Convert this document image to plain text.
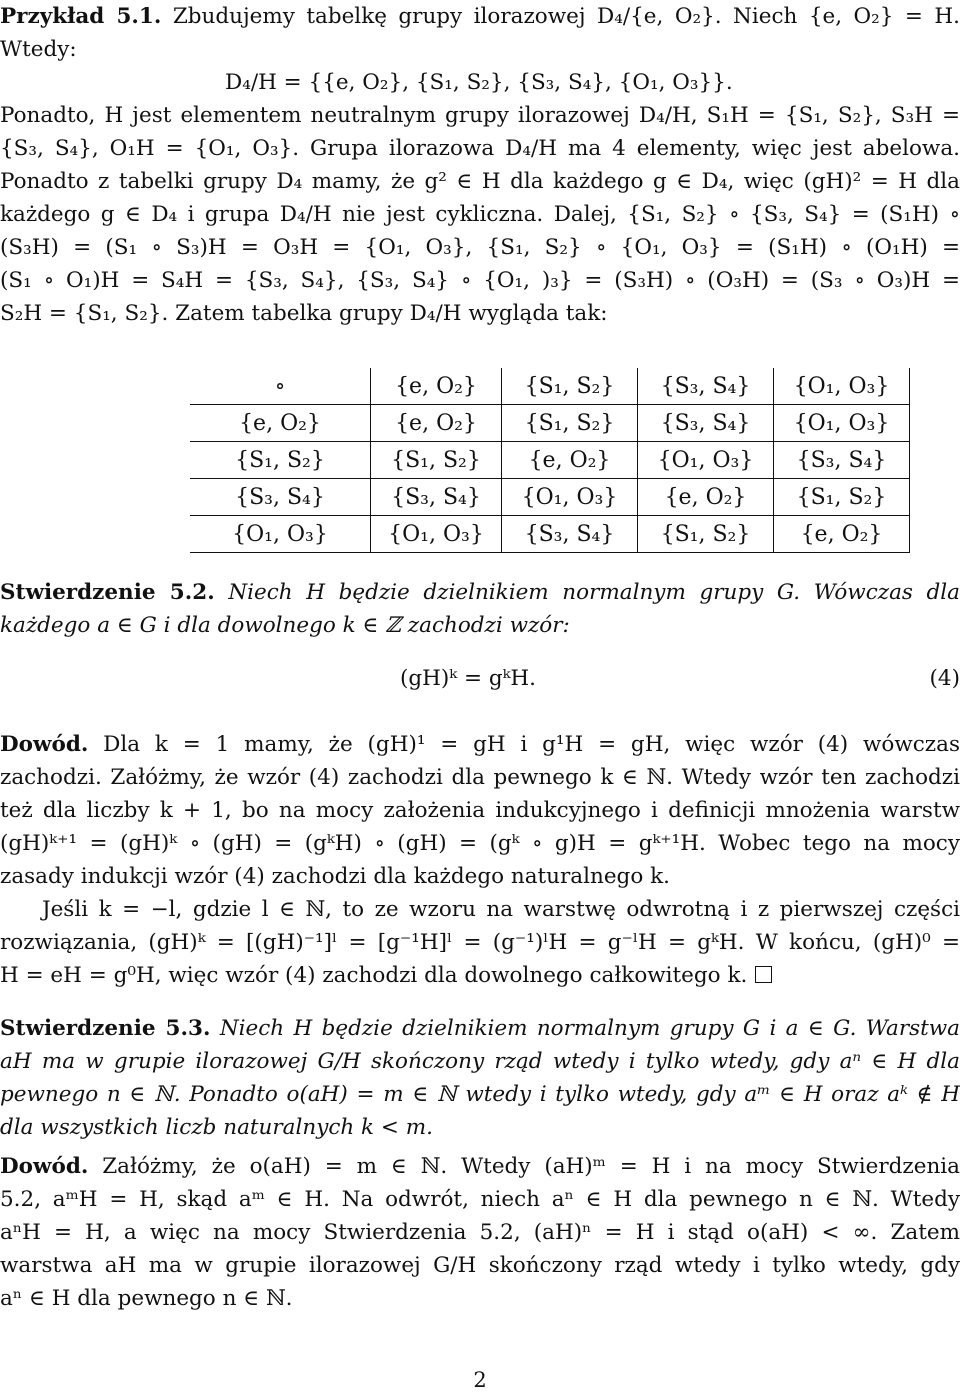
Przykład 5.1. Zbudujemy tabelkę grupy ilorazowej D₄/{e, O₂}. Niech {e, O₂} = H.
Wtedy:
D₄/H = {{e, O₂}, {S₁, S₂}, {S₃, S₄}, {O₁, O₃}}.
Ponadto, H jest elementem neutralnym grupy ilorazowej D₄/H, S₁H = {S₁, S₂}, S₃H =
{S₃, S₄}, O₁H = {O₁, O₃}. Grupa ilorazowa D₄/H ma 4 elementy, więc jest abelowa.
Ponadto z tabelki grupy D₄ mamy, że g² ∈ H dla każdego g ∈ D₄, więc (gH)² = H dla
każdego g ∈ D₄ i grupa D₄/H nie jest cykliczna. Dalej, {S₁, S₂} ∘ {S₃, S₄} = (S₁H) ∘
(S₃H) = (S₁ ∘ S₃)H = O₃H = {O₁, O₃}, {S₁, S₂} ∘ {O₁, O₃} = (S₁H) ∘ (O₁H) =
(S₁ ∘ O₁)H = S₄H = {S₃, S₄}, {S₃, S₄} ∘ {O₁, )₃} = (S₃H) ∘ (O₃H) = (S₃ ∘ O₃)H =
S₂H = {S₁, S₂}. Zatem tabelka grupy D₄/H wygląda tak:
∘	{e, O₂}	{S₁, S₂}	{S₃, S₄}	{O₁, O₃}
{e, O₂}	{e, O₂}	{S₁, S₂}	{S₃, S₄}	{O₁, O₃}
{S₁, S₂}	{S₁, S₂}	{e, O₂}	{O₁, O₃}	{S₃, S₄}
{S₃, S₄}	{S₃, S₄}	{O₁, O₃}	{e, O₂}	{S₁, S₂}
{O₁, O₃}	{O₁, O₃}	{S₃, S₄}	{S₁, S₂}	{e, O₂}
Stwierdzenie 5.2. Niech H będzie dzielnikiem normalnym grupy G. Wówczas dla
każdego a ∈ G i dla dowolnego k ∈ ℤ zachodzi wzór:
(gH)ᵏ = gᵏH.	(4)
Dowód. Dla k = 1 mamy, że (gH)¹ = gH i g¹H = gH, więc wzór (4) wówczas
zachodzi. Załóżmy, że wzór (4) zachodzi dla pewnego k ∈ ℕ. Wtedy wzór ten zachodzi
też dla liczby k + 1, bo na mocy założenia indukcyjnego i definicji mnożenia warstw
(gH)ᵏ⁺¹ = (gH)ᵏ ∘ (gH) = (gᵏH) ∘ (gH) = (gᵏ ∘ g)H = gᵏ⁺¹H. Wobec tego na mocy
zasady indukcji wzór (4) zachodzi dla każdego naturalnego k.
Jeśli k = −l, gdzie l ∈ ℕ, to ze wzoru na warstwę odwrotną i z pierwszej części
rozwiązania, (gH)ᵏ = [(gH)⁻¹]ˡ = [g⁻¹H]ˡ = (g⁻¹)ˡH = g⁻ˡH = gᵏH. W końcu, (gH)⁰ =
H = eH = g⁰H, więc wzór (4) zachodzi dla dowolnego całkowitego k.
Stwierdzenie 5.3. Niech H będzie dzielnikiem normalnym grupy G i a ∈ G. Warstwa
aH ma w grupie ilorazowej G/H skończony rząd wtedy i tylko wtedy, gdy aⁿ ∈ H dla
pewnego n ∈ ℕ. Ponadto o(aH) = m ∈ ℕ wtedy i tylko wtedy, gdy aᵐ ∈ H oraz aᵏ ∉ H
dla wszystkich liczb naturalnych k < m.
Dowód. Załóżmy, że o(aH) = m ∈ ℕ. Wtedy (aH)ᵐ = H i na mocy Stwierdzenia
5.2, aᵐH = H, skąd aᵐ ∈ H. Na odwrót, niech aⁿ ∈ H dla pewnego n ∈ ℕ. Wtedy
aⁿH = H, a więc na mocy Stwierdzenia 5.2, (aH)ⁿ = H i stąd o(aH) < ∞. Zatem
warstwa aH ma w grupie ilorazowej G/H skończony rząd wtedy i tylko wtedy, gdy
aⁿ ∈ H dla pewnego n ∈ ℕ.
2
